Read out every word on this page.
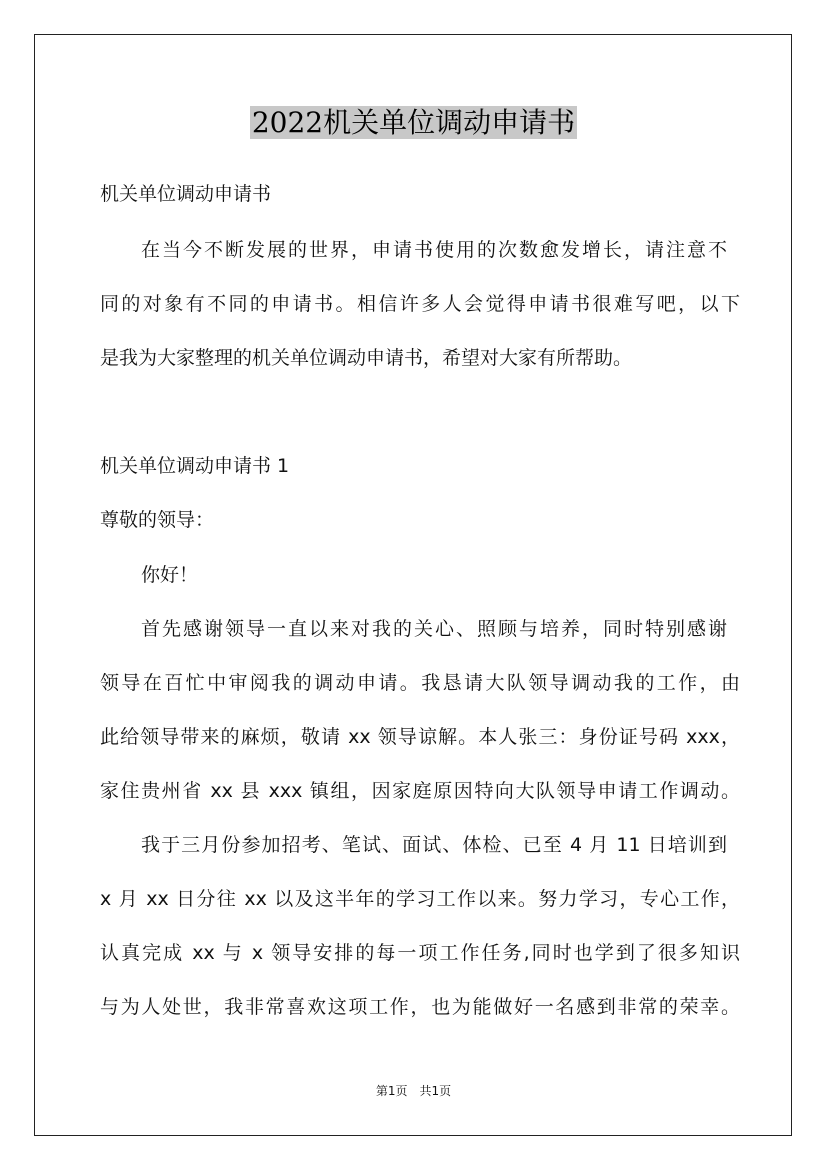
2022机关单位调动申请书
机关单位调动申请书
在当今不断发展的世界，申请书使用的次数愈发增长，请注意不
同的对象有不同的申请书。相信许多人会觉得申请书很难写吧，以下
是我为大家整理的机关单位调动申请书，希望对大家有所帮助。
机关单位调动申请书 1
尊敬的领导：
你好！
首先感谢领导一直以来对我的关心、照顾与培养，同时特别感谢
领导在百忙中审阅我的调动申请。我恳请大队领导调动我的工作，由
此给领导带来的麻烦，敬请 xx 领导谅解。本人张三：身份证号码 xxx，
家住贵州省 xx 县 xxx 镇组，因家庭原因特向大队领导申请工作调动。
我于三月份参加招考、笔试、面试、体检、已至 4 月 11 日培训到
x 月 xx 日分往 xx 以及这半年的学习工作以来。努力学习，专心工作，
认真完成 xx 与 x 领导安排的每一项工作任务,同时也学到了很多知识
与为人处世，我非常喜欢这项工作，也为能做好一名感到非常的荣幸。
第1页　共1页
